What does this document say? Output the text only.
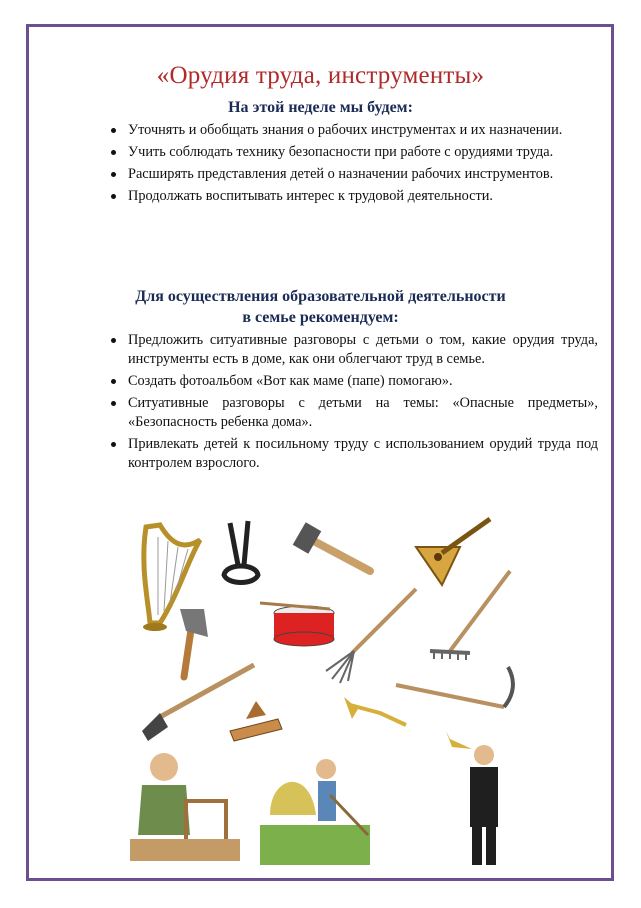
«Орудия труда, инструменты»
На этой неделе мы будем:
Уточнять и обобщать знания о рабочих инструментах и их назначении.
Учить соблюдать технику безопасности при работе с орудиями труда.
Расширять представления детей о назначении рабочих инструментов.
Продолжать воспитывать интерес к трудовой деятельности.
Для осуществления образовательной деятельности
в семье рекомендуем:
Предложить ситуативные разговоры с детьми о том, какие орудия труда, инструменты есть в доме, как они облегчают труд в семье.
Создать фотоальбом «Вот как маме (папе) помогаю».
Ситуативные разговоры с детьми на темы: «Опасные предметы», «Безопасность ребенка дома».
Привлекать детей к посильному труду с использованием орудий труда под контролем взрослого.
